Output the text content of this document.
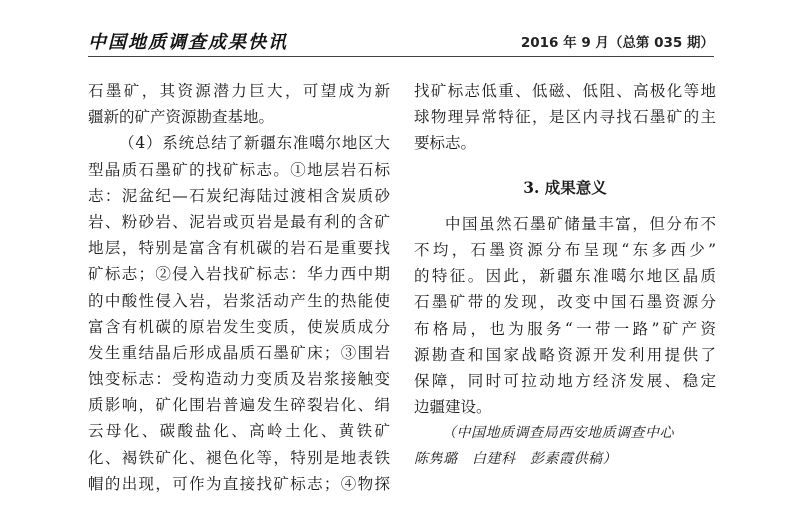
中国地质调查成果快讯	2016 年 9 月（总第 035 期）
石墨矿，其资源潜力巨大，可望成为新
疆新的矿产资源勘查基地。
（4）系统总结了新疆东准噶尔地区大
型晶质石墨矿的找矿标志。①地层岩石标
志：泥盆纪—石炭纪海陆过渡相含炭质砂
岩、粉砂岩、泥岩或页岩是最有利的含矿
地层，特别是富含有机碳的岩石是重要找
矿标志；②侵入岩找矿标志：华力西中期
的中酸性侵入岩，岩浆活动产生的热能使
富含有机碳的原岩发生变质，使炭质成分
发生重结晶后形成晶质石墨矿床；③围岩
蚀变标志：受构造动力变质及岩浆接触变
质影响，矿化围岩普遍发生碎裂岩化、绢
云母化、碳酸盐化、高岭土化、黄铁矿
化、褐铁矿化、褪色化等，特别是地表铁
帽的出现，可作为直接找矿标志；④物探
找矿标志低重、低磁、低阻、高极化等地
球物理异常特征，是区内寻找石墨矿的主
要标志。
3. 成果意义
中国虽然石墨矿储量丰富，但分布不
不均，石墨资源分布呈现“东多西少”
的特征。因此，新疆东准噶尔地区晶质
石墨矿带的发现，改变中国石墨资源分
布格局，也为服务“一带一路”矿产资
源勘查和国家战略资源开发利用提供了
保障，同时可拉动地方经济发展、稳定
边疆建设。
（中国地质调查局西安地质调查中心
陈隽璐　白建科　彭素霞供稿）
